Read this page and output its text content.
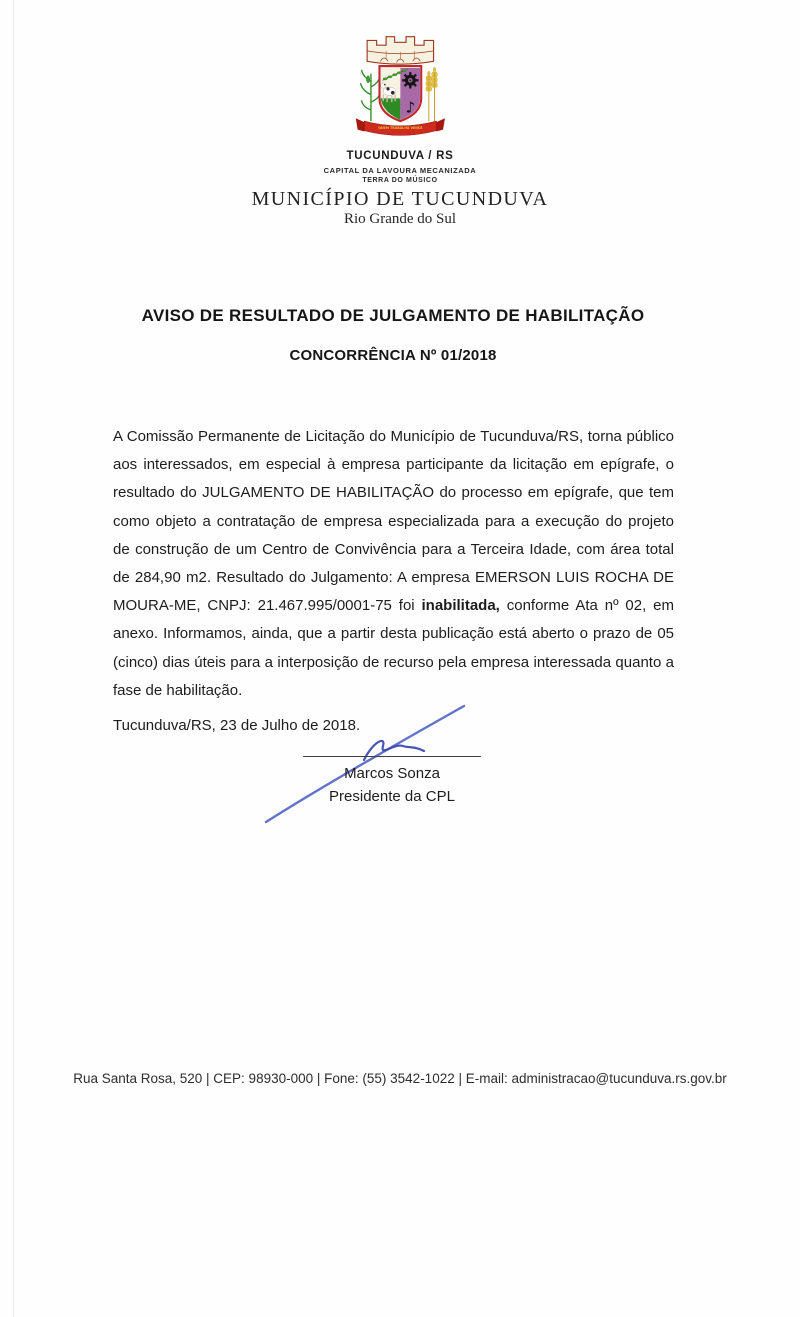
♪
QUEM TRABALHA VENCE
TUCUNDUVA / RS
CAPITAL DA LAVOURA MECANIZADA
TERRA DO MÚSICO
MUNICÍPIO DE TUCUNDUVA
Rio Grande do Sul
AVISO DE RESULTADO DE JULGAMENTO DE HABILITAÇÃO
CONCORRÊNCIA Nº 01/2018

A Comissão Permanente de Licitação do Município de Tucunduva/RS, torna público aos interessados, em especial à empresa participante da licitação em epígrafe, o resultado do JULGAMENTO DE HABILITAÇÃO do processo em epígrafe, que tem como objeto a contratação de empresa especializada para a execução do projeto de construção de um Centro de Convivência para a Terceira Idade, com área total de 284,90 m2. Resultado do Julgamento: A empresa EMERSON LUIS ROCHA DE MOURA-ME, CNPJ: 21.467.995/0001-75 foi inabilitada, conforme Ata nº 02, em anexo. Informamos, ainda, que a partir desta publicação está aberto o prazo de 05 (cinco) dias úteis para a interposição de recurso pela empresa interessada quanto a fase de habilitação.

Tucunduva/RS, 23 de Julho de 2018.

Marcos Sonza
Presidente da CPL
Rua Santa Rosa, 520 | CEP: 98930-000 | Fone: (55) 3542-1022 | E-mail: administracao@tucunduva.rs.gov.br
